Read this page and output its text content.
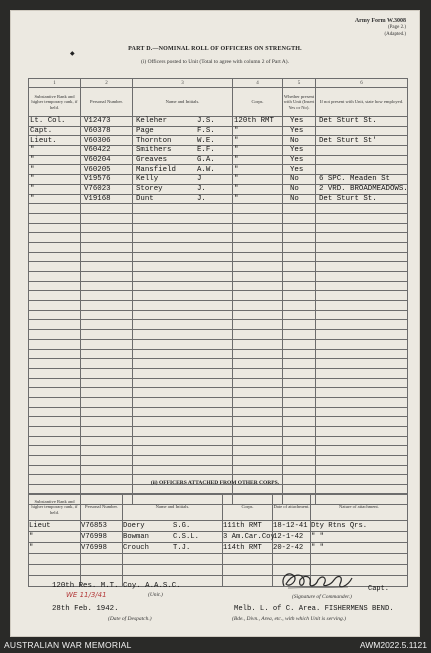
Army Form W.3008
(Page 2.)
(Adapted.)
◆
PART D.—NOMINAL ROLL OF OFFICERS ON STRENGTH.
(i) Officers posted to Unit (Total to agree with column 2 of Part A).
1	2	3	4	5	6
Substantive Rank and higher temporary rank, if held.	Personal Number.	Name and Initials.	Corps.	Whether present with Unit (Insert Yes or No).	If not present with Unit, state how employed.
Lt. Col.	V12473	Keleher J.S.	120th RMT	Yes	Det Sturt St.
Capt.	V60378	Page F.S.	"	Yes	
Lieut.	V60306	Thornton W.E.	"	No	Det Sturt St'
"	V60422	Smithers E.F.	"	Yes	
"	V60204	Greaves G.A.	"	Yes	
"	V60205	Mansfield A.W.	"	Yes	
"	V19576	Kelly J	"	No	6 SPC. Meaden St
"	V76023	Storey J.	"	No	2 VRD. BROADMEADOWS.
"	V19168	Dunt J.	"	No	Det Sturt St.

(ii) OFFICERS ATTACHED FROM OTHER CORPS.
Substantive Rank and higher temporary rank, if held.	Personal Number.	Name and Initials.	Corps.	Date of attachment.	Nature of attachment.
Lieut	V76853	Doery S.G.	111th RMT	18-12-41	Dty Rtns Qrs.
"	V76998	Bowman C.S.L.	3 Am.Car.Coy	12-1-42	" "
"	V76998	Crouch T.J.	114th RMT	20-2-42	" "

120th Res. M.T. Coy. A.A.S.C.
(Unit.)
WE 11/3/41
28th Feb. 1942.
(Date of Despatch.)
Capt.
(Signature of Commander.)
Melb. L. of C. Area. FISHERMENS BEND.
(Bde., Divn., Area, etc., with which Unit is serving.)
AUSTRALIAN WAR MEMORIAL	AWM2022.5.1121
